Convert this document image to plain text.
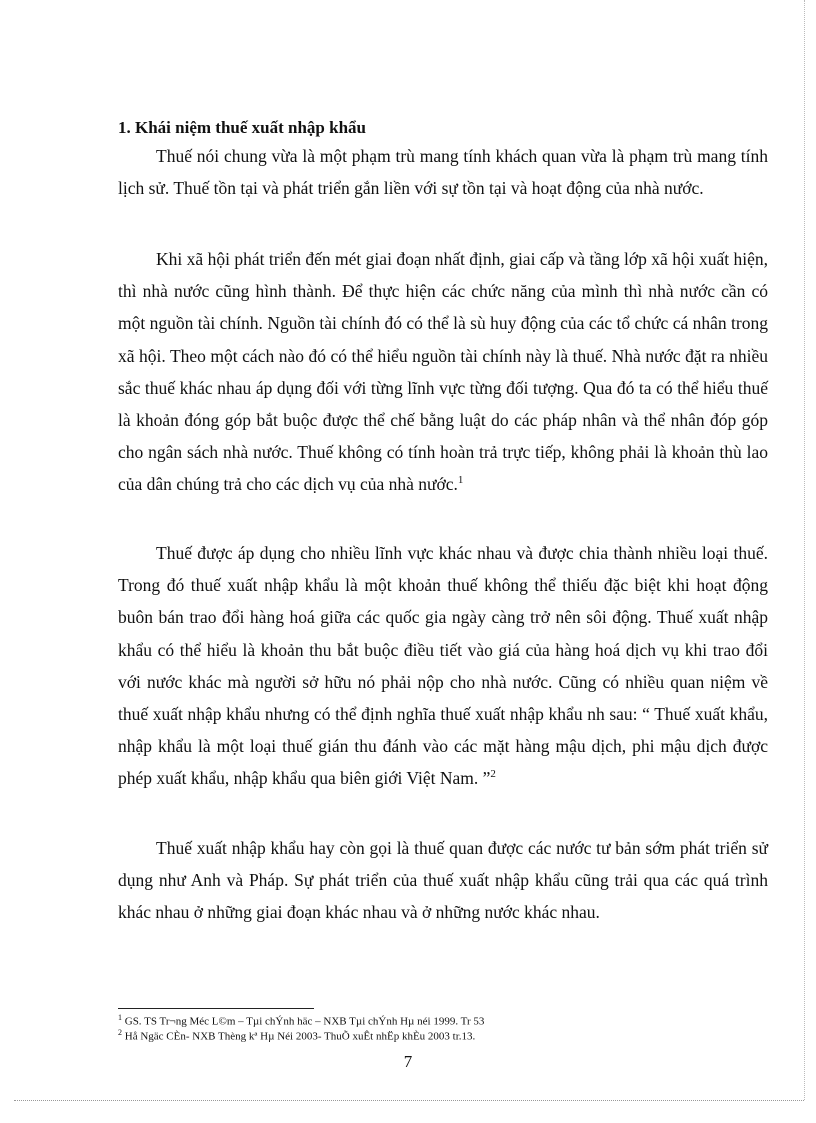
1. Khái niệm thuế xuất nhập khẩu

Thuế nói chung vừa là một phạm trù mang tính khách quan vừa là phạm trù mang tính lịch sử. Thuế tồn tại và phát triển gắn liền với sự tồn tại và hoạt động của nhà nước.

Khi xã hội phát triển đến mét giai đoạn nhất định, giai cấp và tầng lớp xã hội xuất hiện, thì nhà nước cũng hình thành. Để thực hiện các chức năng của mình thì nhà nước cần có một nguồn tài chính. Nguồn tài chính đó có thể là sù huy động của các tổ chức cá nhân trong xã hội. Theo một cách nào đó có thể hiểu nguồn tài chính này là thuế. Nhà nước đặt ra nhiều sắc thuế khác nhau áp dụng đối với từng lĩnh vực từng đối tượng. Qua đó ta có thể hiểu thuế là khoản đóng góp bắt buộc được thể chế bằng luật do các pháp nhân và thể nhân đóp góp cho ngân sách nhà nước. Thuế không có tính hoàn trả trực tiếp, không phải là khoản thù lao của dân chúng trả cho các dịch vụ của nhà nước.$^1$

Thuế được áp dụng cho nhiều lĩnh vực khác nhau và được chia thành nhiều loại thuế. Trong đó thuế xuất nhập khẩu là một khoản thuế không thể thiếu đặc biệt khi hoạt động buôn bán trao đổi hàng hoá giữa các quốc gia ngày càng trở nên sôi động. Thuế xuất nhập khẩu có thể hiểu là khoản thu bắt buộc điều tiết vào giá của hàng hoá dịch vụ khi trao đổi với nước khác mà người sở hữu nó phải nộp cho nhà nước. Cũng có nhiều quan niệm về thuế xuất nhập khẩu nhưng có thể định nghĩa thuế xuất nhập khẩu nh sau: “ Thuế xuất khẩu, nhập khẩu là một loại thuế gián thu đánh vào các mặt hàng mậu dịch, phi mậu dịch được phép xuất khẩu, nhập khẩu qua biên giới Việt Nam. ”$^2$

Thuế xuất nhập khẩu hay còn gọi là thuế quan được các nước tư bản sớm phát triển sử dụng như Anh và Pháp. Sự phát triển của thuế xuất nhập khẩu cũng trải qua các quá trình khác nhau ở những giai đoạn khác nhau và ở những nước khác nhau.

$^1$ GS. TS Tr¬ng Méc L©m – Tµi chÝnh häc – NXB Tµi chÝnh Hµ néi 1999. Tr 53

$^2$ Hå Ngäc CÈn- NXB Thèng kª Hµ Néi 2003- ThuÕ xuÊt nhËp khÈu 2003 tr.13.

7
